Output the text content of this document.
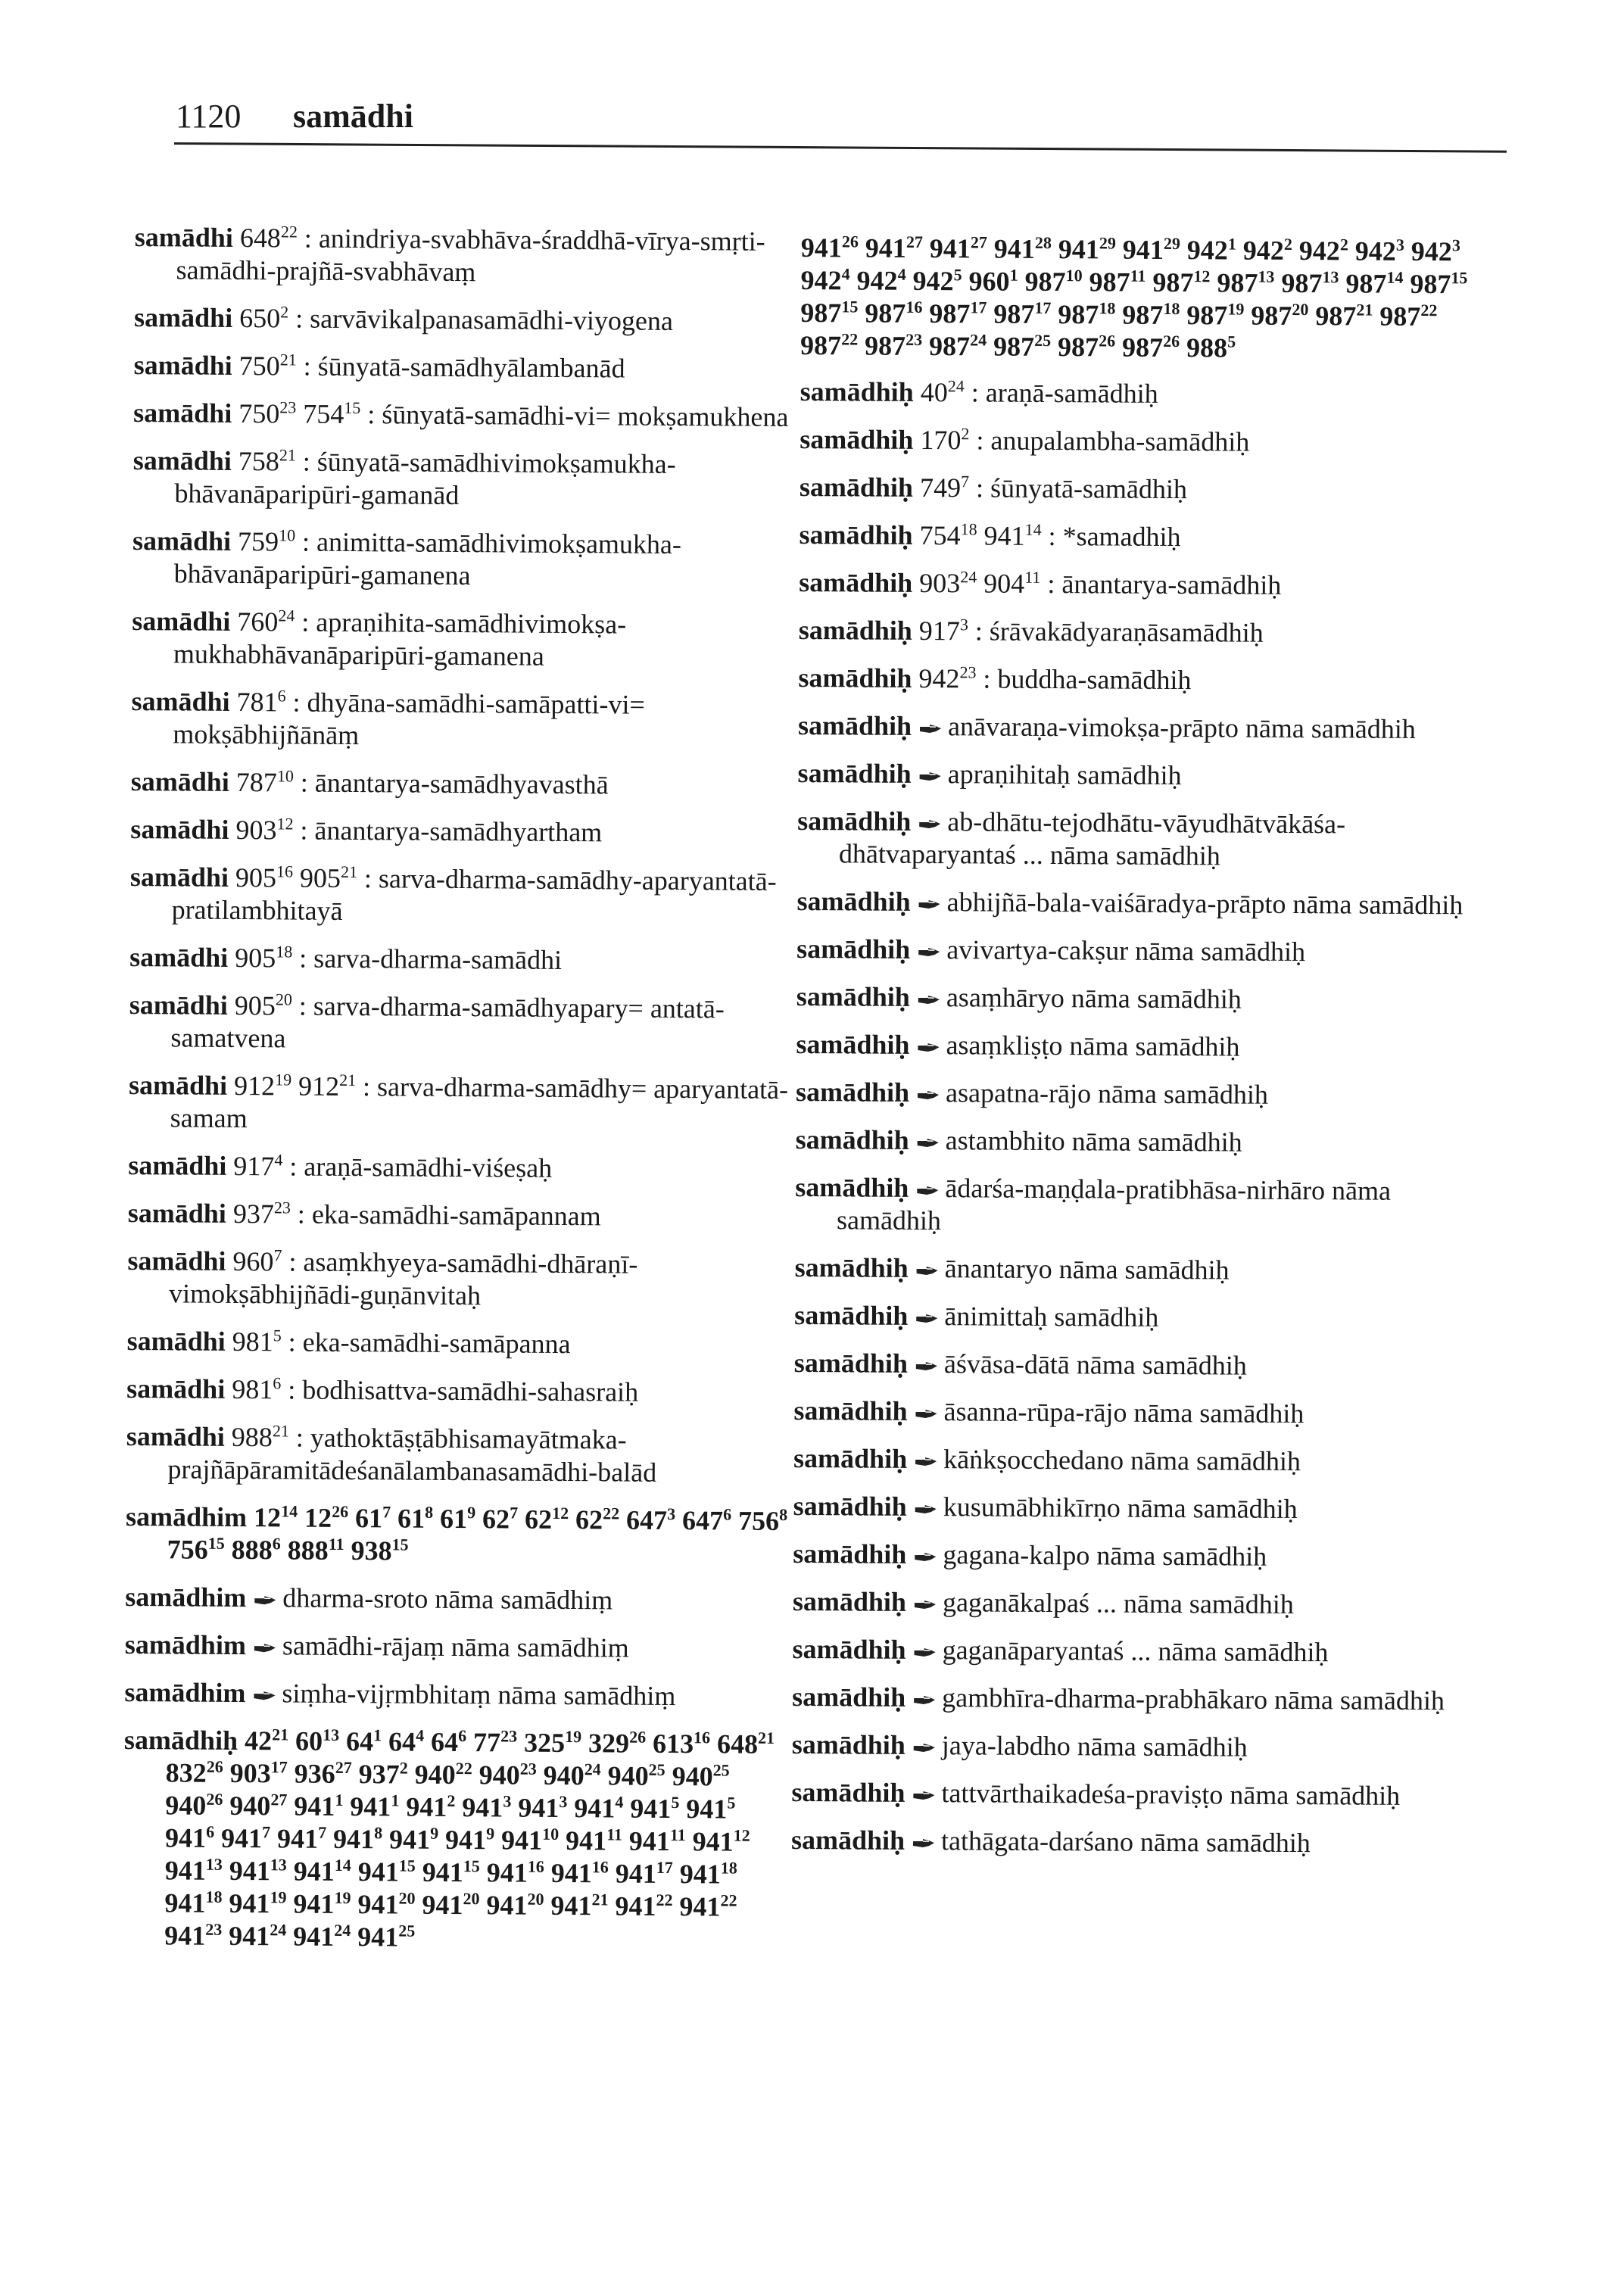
1120 samādhi
samādhi $648^{22}$ : anindriya-svabhāva-śraddhā-vīrya-smṛti-samādhi-prajñā-svabhāvaṃ
samādhi $650^2$ : sarvāvikalpanasamādhi-viyogena
samādhi $750^{21}$ : śūnyatā-samādhyālambanād
samādhi $750^{23}$ $754^{15}$ : śūnyatā-samādhi-vi= mokṣamukhena
samādhi $758^{21}$ : śūnyatā-samādhivimokṣamukha-bhāvanāparipūri-gamanād
samādhi $759^{10}$ : animitta-samādhivimokṣamukha-bhāvanāparipūri-gamanena
samādhi $760^{24}$ : apraṇihita-samādhivimokṣa-mukhabhāvanāparipūri-gamanena
samādhi $781^6$ : dhyāna-samādhi-samāpatti-vi= mokṣābhijñānāṃ
samādhi $787^{10}$ : ānantarya-samādhyavasthā
samādhi $903^{12}$ : ānantarya-samādhyartham
samādhi $905^{16}$ $905^{21}$ : sarva-dharma-samādhy-aparyantatā-pratilambhitayā
samādhi $905^{18}$ : sarva-dharma-samādhi
samādhi $905^{20}$ : sarva-dharma-samādhyapary= antatā-samatvena
samādhi $912^{19}$ $912^{21}$ : sarva-dharma-samādhy= aparyantatā-samam
samādhi $917^4$ : araṇā-samādhi-viśeṣaḥ
samādhi $937^{23}$ : eka-samādhi-samāpannam
samādhi $960^7$ : asaṃkhyeya-samādhi-dhāraṇī-vimokṣābhijñādi-guṇānvitaḥ
samādhi $981^5$ : eka-samādhi-samāpanna
samādhi $981^6$ : bodhisattva-samādhi-sahasraiḥ
samādhi $988^{21}$ : yathoktāṣṭābhisamayātmaka-prajñāpāramitādeśanālambanasamādhi-balād
samādhim $12^{14}$ $12^{26}$ $61^7$ $61^8$ $61^9$ $62^7$ $62^{12}$ $62^{22}$ $647^3$ $647^6$ $756^8$ $756^{15}$ $888^6$ $888^{11}$ $938^{15}$
samādhim dharma-sroto nāma samādhiṃ
samādhim samādhi-rājaṃ nāma samādhiṃ
samādhim siṃha-vijṛmbhitaṃ nāma samādhiṃ
samādhiḥ $42^{21}$ $60^{13}$ $64^1$ $64^4$ $64^6$ $77^{23}$ $325^{19}$ $329^{26}$ $613^{16}$ $648^{21}$ $832^{26}$ $903^{17}$ $936^{27}$ $937^2$ $940^{22}$ $940^{23}$ $940^{24}$ $940^{25}$ $940^{25}$ $940^{26}$ $940^{27}$ $941^1$ $941^1$ $941^2$ $941^3$ $941^3$ $941^4$ $941^5$ $941^5$ $941^6$ $941^7$ $941^7$ $941^8$ $941^9$ $941^9$ $941^{10}$ $941^{11}$ $941^{11}$ $941^{12}$ $941^{13}$ $941^{13}$ $941^{14}$ $941^{15}$ $941^{15}$ $941^{16}$ $941^{16}$ $941^{17}$ $941^{18}$ $941^{18}$ $941^{19}$ $941^{19}$ $941^{20}$ $941^{20}$ $941^{20}$ $941^{21}$ $941^{22}$ $941^{22}$ $941^{23}$ $941^{24}$ $941^{24}$ $941^{25}$
$941^{26}$ $941^{27}$ $941^{27}$ $941^{28}$ $941^{29}$ $941^{29}$ $942^1$ $942^2$ $942^2$ $942^3$ $942^3$ $942^4$ $942^4$ $942^5$ $960^1$ $987^{10}$ $987^{11}$ $987^{12}$ $987^{13}$ $987^{13}$ $987^{14}$ $987^{15}$ $987^{15}$ $987^{16}$ $987^{17}$ $987^{17}$ $987^{18}$ $987^{18}$ $987^{19}$ $987^{20}$ $987^{21}$ $987^{22}$ $987^{22}$ $987^{23}$ $987^{24}$ $987^{25}$ $987^{26}$ $987^{26}$ $988^5$
samādhiḥ $40^{24}$ : araṇā-samādhiḥ
samādhiḥ $170^2$ : anupalambha-samādhiḥ
samādhiḥ $749^7$ : śūnyatā-samādhiḥ
samādhiḥ $754^{18}$ $941^{14}$ : *samadhiḥ
samādhiḥ $903^{24}$ $904^{11}$ : ānantarya-samādhiḥ
samādhiḥ $917^3$ : śrāvakādyaraṇāsamādhiḥ
samādhiḥ $942^{23}$ : buddha-samādhiḥ
samādhiḥ anāvaraṇa-vimokṣa-prāpto nāma samādhih
samādhiḥ apraṇihitaḥ samādhiḥ
samādhiḥ ab-dhātu-tejodhātu-vāyudhātvākāśa-dhātvaparyantaś ... nāma samādhiḥ
samādhiḥ abhijñā-bala-vaiśāradya-prāpto nāma samādhiḥ
samādhiḥ avivartya-cakṣur nāma samādhiḥ
samādhiḥ asaṃhāryo nāma samādhiḥ
samādhiḥ asaṃkliṣṭo nāma samādhiḥ
samādhiḥ asapatna-rājo nāma samādhiḥ
samādhiḥ astambhito nāma samādhiḥ
samādhiḥ ādarśa-maṇḍala-pratibhāsa-nirhāro nāma samādhiḥ
samādhiḥ ānantaryo nāma samādhiḥ
samādhiḥ ānimittaḥ samādhiḥ
samādhiḥ āśvāsa-dātā nāma samādhiḥ
samādhiḥ āsanna-rūpa-rājo nāma samādhiḥ
samādhiḥ kāṅkṣocchedano nāma samādhiḥ
samādhiḥ kusumābhikīrṇo nāma samādhiḥ
samādhiḥ gagana-kalpo nāma samādhiḥ
samādhiḥ gaganākalpaś ... nāma samādhiḥ
samādhiḥ gaganāparyantaś ... nāma samādhiḥ
samādhiḥ gambhīra-dharma-prabhākaro nāma samādhiḥ
samādhiḥ jaya-labdho nāma samādhiḥ
samādhiḥ tattvārthaikadeśa-praviṣṭo nāma samādhiḥ
samādhiḥ tathāgata-darśano nāma samādhiḥ
